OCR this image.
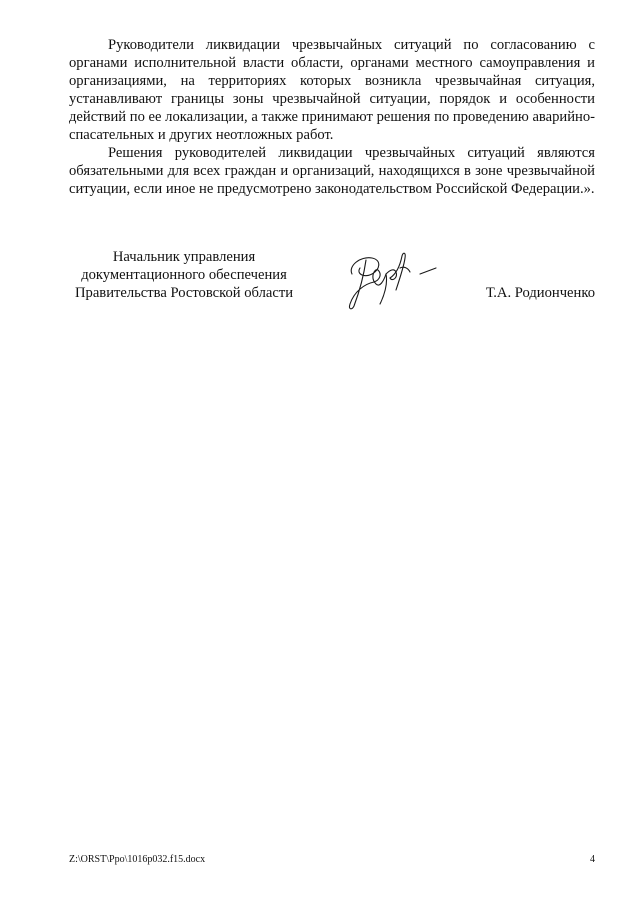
Руководители ликвидации чрезвычайных ситуаций по согласованию с органами исполнительной власти области, органами местного самоуправления и организациями, на территориях которых возникла чрезвычайная ситуация, устанавливают границы зоны чрезвычайной ситуации, порядок и особенности действий по ее локализации, а также принимают решения по проведению аварийно-спасательных и других неотложных работ.

Решения руководителей ликвидации чрезвычайных ситуаций являются обязательными для всех граждан и организаций, находящихся в зоне чрезвычайной ситуации, если иное не предусмотрено законодательством Российской Федерации.».

Начальник управления
документационного обеспечения
Правительства Ростовской области	Т.А. Родионченко
Z:\ORST\Ppo\1016p032.f15.docx	4
